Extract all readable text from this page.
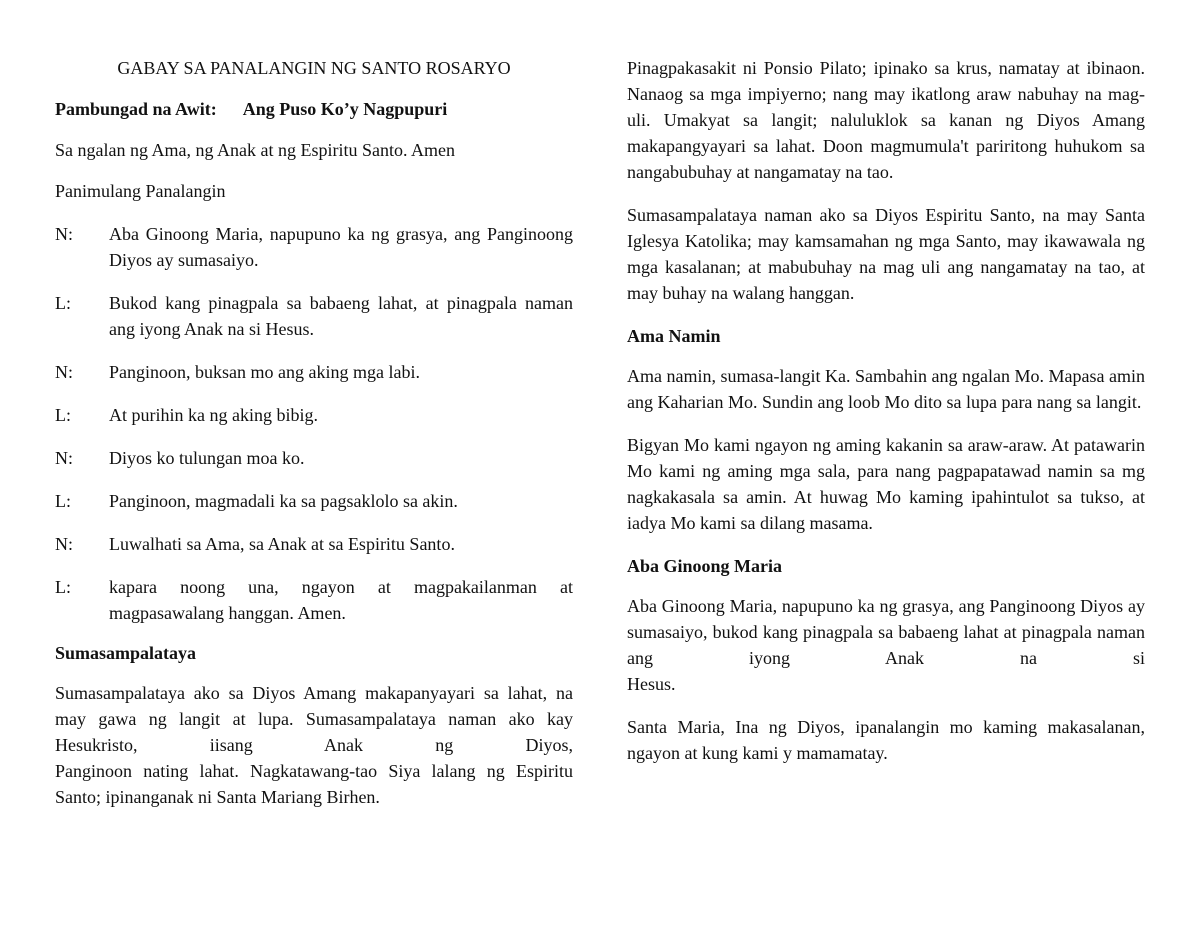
GABAY SA PANALANGIN NG SANTO ROSARYO

Pambungad na Awit: Ang Puso Ko’y Nagpupuri

Sa ngalan ng Ama, ng Anak at ng Espiritu Santo. Amen

Panimulang Panalangin

N:	Aba Ginoong Maria, napupuno ka ng grasya, ang Panginoong Diyos ay sumasaiyo.
L:	Bukod kang pinagpala sa babaeng lahat, at pinagpala naman ang iyong Anak na si Hesus.
N:	Panginoon, buksan mo ang aking mga labi.
L:	At purihin ka ng aking bibig.
N:	Diyos ko tulungan moa ko.
L:	Panginoon, magmadali ka sa pagsaklolo sa akin.
N:	Luwalhati sa Ama, sa Anak at sa Espiritu Santo.
L:	kapara noong una, ngayon at magpakailanman at magpasawalang hanggan. Amen.

Sumasampalataya

Sumasampalataya ako sa Diyos Amang makapanyayari sa lahat, na may gawa ng langit at lupa. Sumasampalataya naman ako kay Hesukristo, iisang Anak ng Diyos,
Panginoon nating lahat. Nagkatawang-tao Siya lalang ng Espiritu Santo; ipinanganak ni Santa Mariang Birhen.

Pinagpakasakit ni Ponsio Pilato; ipinako sa krus, namatay at ibinaon. Nanaog sa mga impiyerno; nang may ikatlong araw nabuhay na mag-uli. Umakyat sa langit; naluluklok sa kanan ng Diyos Amang makapangyayari sa lahat. Doon magmumula't pariritong huhukom sa nangabubuhay at nangamatay na tao.

Sumasampalataya naman ako sa Diyos Espiritu Santo, na may Santa Iglesya Katolika; may kamsamahan ng mga Santo, may ikawawala ng mga kasalanan; at mabubuhay na mag uli ang nangamatay na tao, at may buhay na walang hanggan.

Ama Namin

Ama namin, sumasa-langit Ka. Sambahin ang ngalan Mo. Mapasa amin ang Kaharian Mo. Sundin ang loob Mo dito sa lupa para nang sa langit.

Bigyan Mo kami ngayon ng aming kakanin sa araw-araw. At patawarin Mo kami ng aming mga sala, para nang pagpapatawad namin sa mg nagkakasala sa amin. At huwag Mo kaming ipahintulot sa tukso, at iadya Mo kami sa dilang masama.

Aba Ginoong Maria

Aba Ginoong Maria, napupuno ka ng grasya, ang Panginoong Diyos ay sumasaiyo, bukod kang pinagpala sa babaeng lahat at pinagpala naman ang iyong Anak na si
Hesus.

Santa Maria, Ina ng Diyos, ipanalangin mo kaming makasalanan, ngayon at kung kami y mamamatay.
